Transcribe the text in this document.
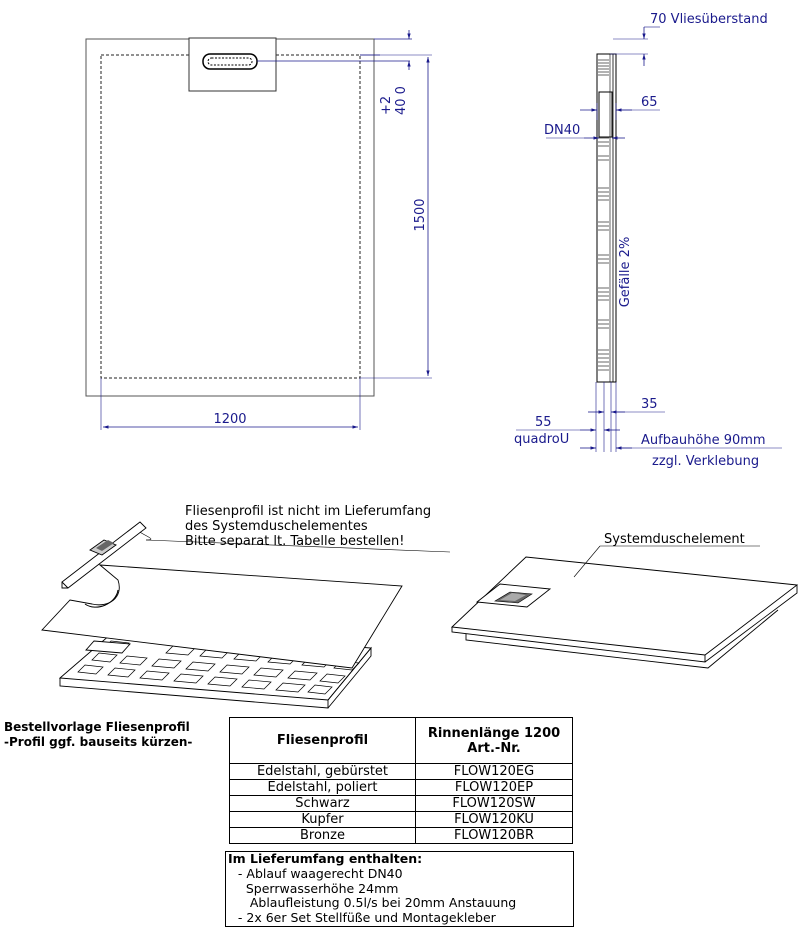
+2 40 0
1500
1200
70 Vliesüberstand
65
DN40
Gefälle 2%
35
55
quadroU	Aufbauhöhe 90mm
zzgl. Verklebung
Fliesenprofil ist nicht im Lieferumfang
des Systemduschelementes
Bitte separat lt. Tabelle bestellen!	Systemduschelement
Bestellvorlage Fliesenprofil
-Profil ggf. bauseits kürzen-	Fliesenprofil	Rinnenlänge 1200
Art.-Nr.

Edelstahl, gebürstet	FLOW120EG
Edelstahl, poliert	FLOW120EP
Schwarz	FLOW120SW
Kupfer	FLOW120KU
Bronze	FLOW120BR
Im Lieferumfang enthalten:
- Ablauf waagerecht DN40
Sperrwasserhöhe 24mm
Ablaufleistung 0.5l/s bei 20mm Anstauung
- 2x 6er Set Stellfüße und Montagekleber
